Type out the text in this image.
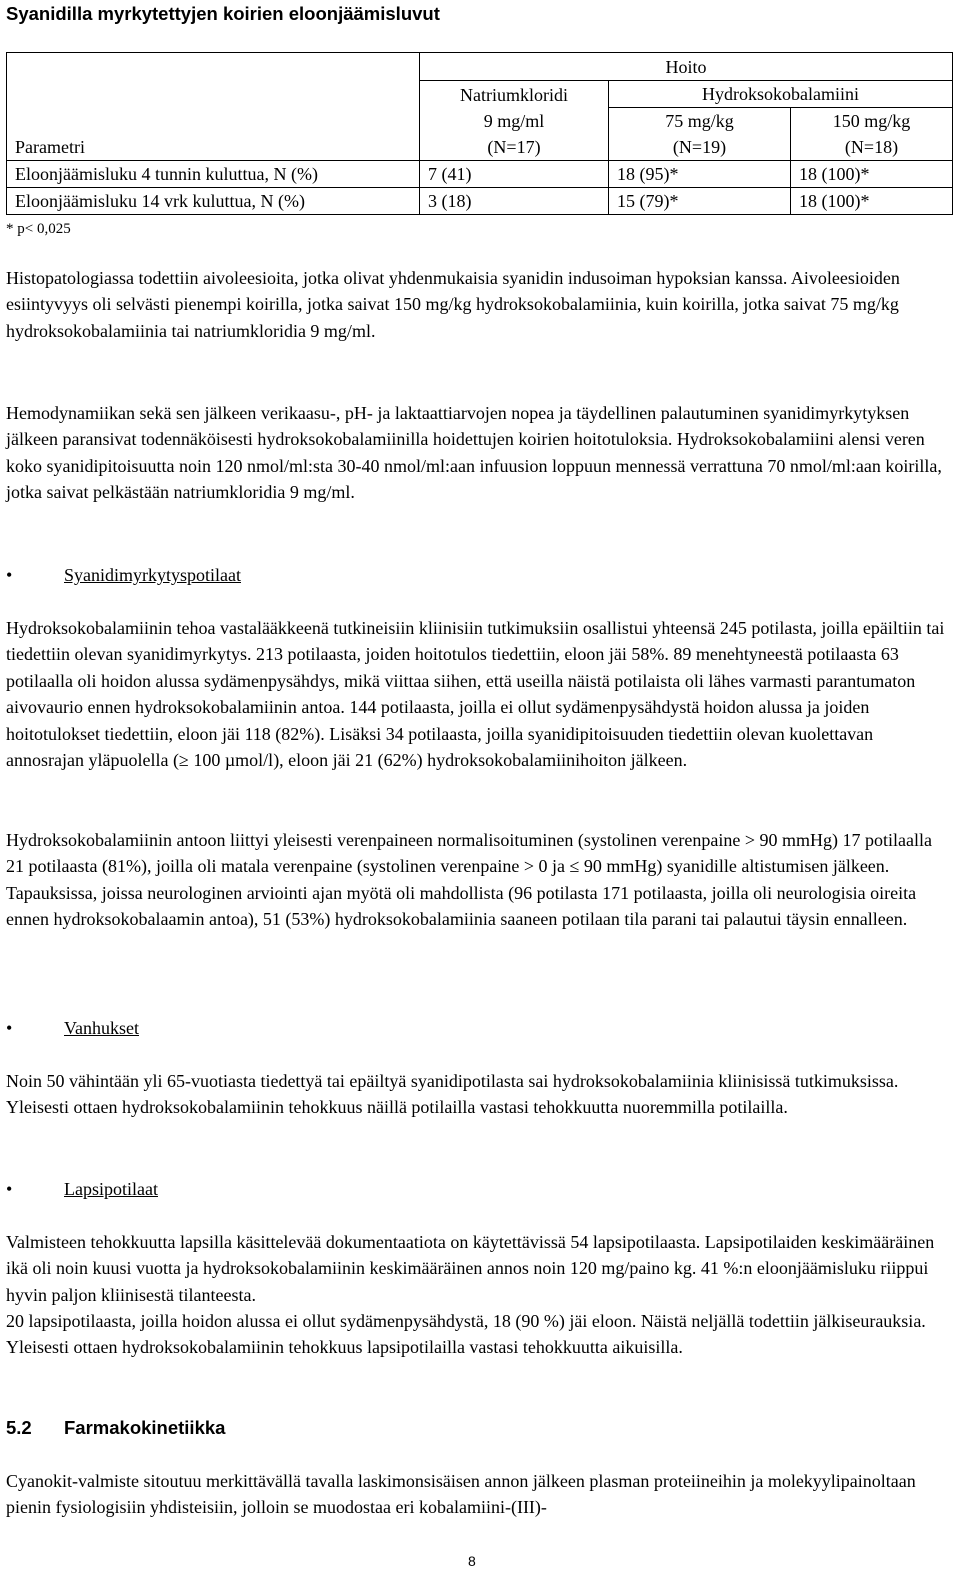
Syanidilla myrkytettyjen koirien eloonjäämisluvut
	Hoito		
	Natriumkloridi	Hydroksokobalamiini	
	9 mg/ml	75 mg/kg	150 mg/kg
Parametri	(N=17)	(N=19)	(N=18)
Eloonjäämisluku 4 tunnin kuluttua, N (%)	7 (41)	18 (95)*	18 (100)*
Eloonjäämisluku 14 vrk kuluttua, N (%)	3 (18)	15 (79)*	18 (100)*
* p< 0,025

Histopatologiassa todettiin aivoleesioita, jotka olivat yhdenmukaisia syanidin indusoiman hypoksian kanssa. Aivoleesioiden esiintyvyys oli selvästi pienempi koirilla, jotka saivat 150 mg/kg hydroksokobalamiinia, kuin koirilla, jotka saivat 75 mg/kg hydroksokobalamiinia tai natriumkloridia 9 mg/ml.

Hemodynamiikan sekä sen jälkeen verikaasu-, pH- ja laktaattiarvojen nopea ja täydellinen palautuminen syanidimyrkytyksen jälkeen paransivat todennäköisesti hydroksokobalamiinilla hoidettujen koirien hoitotuloksia. Hydroksokobalamiini alensi veren koko syanidipitoisuutta noin 120 nmol/ml:sta 30-40 nmol/ml:aan infuusion loppuun mennessä verrattuna 70 nmol/ml:aan koirilla, jotka saivat pelkästään natriumkloridia 9 mg/ml.

•	Syanidimyrkytyspotilaat

Hydroksokobalamiinin tehoa vastalääkkeenä tutkineisiin kliinisiin tutkimuksiin osallistui yhteensä 245 potilasta, joilla epäiltiin tai tiedettiin olevan syanidimyrkytys. 213 potilaasta, joiden hoitotulos tiedettiin, eloon jäi 58%. 89 menehtyneestä potilaasta 63 potilaalla oli hoidon alussa sydämenpysähdys, mikä viittaa siihen, että useilla näistä potilaista oli lähes varmasti parantumaton aivovaurio ennen hydroksokobalamiinin antoa. 144 potilaasta, joilla ei ollut sydämenpysähdystä hoidon alussa ja joiden hoitotulokset tiedettiin, eloon jäi 118 (82%). Lisäksi 34 potilaasta, joilla syanidipitoisuuden tiedettiin olevan kuolettavan annosrajan yläpuolella (≥ 100 µmol/l), eloon jäi 21 (62%) hydroksokobalamiinihoiton jälkeen.

Hydroksokobalamiinin antoon liittyi yleisesti verenpaineen normalisoituminen (systolinen verenpaine > 90 mmHg) 17 potilaalla 21 potilaasta (81%), joilla oli matala verenpaine (systolinen verenpaine > 0 ja ≤ 90 mmHg) syanidille altistumisen jälkeen. Tapauksissa, joissa neurologinen arviointi ajan myötä oli mahdollista (96 potilasta 171 potilaasta, joilla oli neurologisia oireita ennen hydroksokobalaamin antoa), 51 (53%) hydroksokobalamiinia saaneen potilaan tila parani tai palautui täysin ennalleen.

•	Vanhukset

Noin 50 vähintään yli 65-vuotiasta tiedettyä tai epäiltyä syanidipotilasta sai hydroksokobalamiinia kliinisissä tutkimuksissa. Yleisesti ottaen hydroksokobalamiinin tehokkuus näillä potilailla vastasi tehokkuutta nuoremmilla potilailla.

•	Lapsipotilaat

Valmisteen tehokkuutta lapsilla käsittelevää dokumentaatiota on käytettävissä 54 lapsipotilaasta. Lapsipotilaiden keskimääräinen ikä oli noin kuusi vuotta ja hydroksokobalamiinin keskimääräinen annos noin 120 mg/paino kg. 41 %:n eloonjäämisluku riippui hyvin paljon kliinisestä tilanteesta.

20 lapsipotilaasta, joilla hoidon alussa ei ollut sydämenpysähdystä, 18 (90 %) jäi eloon. Näistä neljällä todettiin jälkiseurauksia. Yleisesti ottaen hydroksokobalamiinin tehokkuus lapsipotilailla vastasi tehokkuutta aikuisilla.

5.2 Farmakokinetiikka

Cyanokit-valmiste sitoutuu merkittävällä tavalla laskimonsisäisen annon jälkeen plasman proteiineihin ja molekyylipainoltaan pienin fysiologisiin yhdisteisiin, jolloin se muodostaa eri kobalamiini-(III)-

8
